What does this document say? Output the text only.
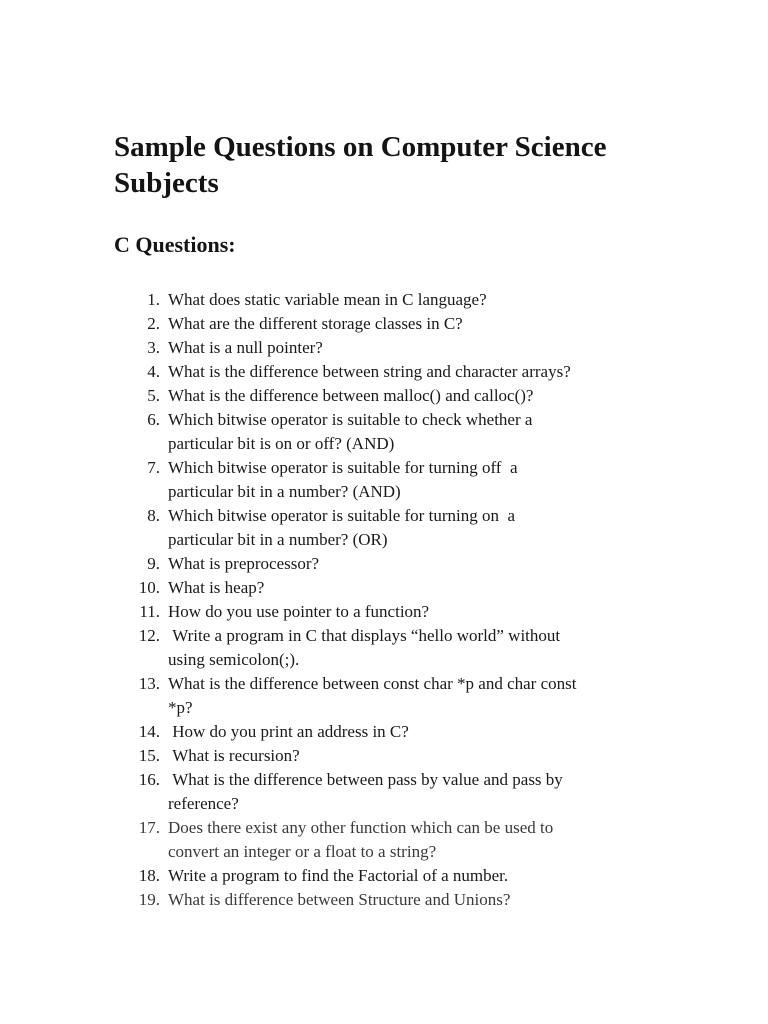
Sample Questions on Computer Science Subjects
C Questions:
1. What does static variable mean in C language?
2. What are the different storage classes in C?
3. What is a null pointer?
4. What is the difference between string and character arrays?
5. What is the difference between malloc() and calloc()?
6. Which bitwise operator is suitable to check whether a
particular bit is on or off? (AND)
7. Which bitwise operator is suitable for turning off  a
particular bit in a number? (AND)
8. Which bitwise operator is suitable for turning on  a
particular bit in a number? (OR)
9. What is preprocessor?
10. What is heap?
11. How do you use pointer to a function?
12. Write a program in C that displays “hello world” without
using semicolon(;).
13. What is the difference between const char *p and char const
*p?
14. How do you print an address in C?
15. What is recursion?
16. What is the difference between pass by value and pass by
reference?
17. Does there exist any other function which can be used to
convert an integer or a float to a string?
18. Write a program to find the Factorial of a number.
19. What is difference between Structure and Unions?
